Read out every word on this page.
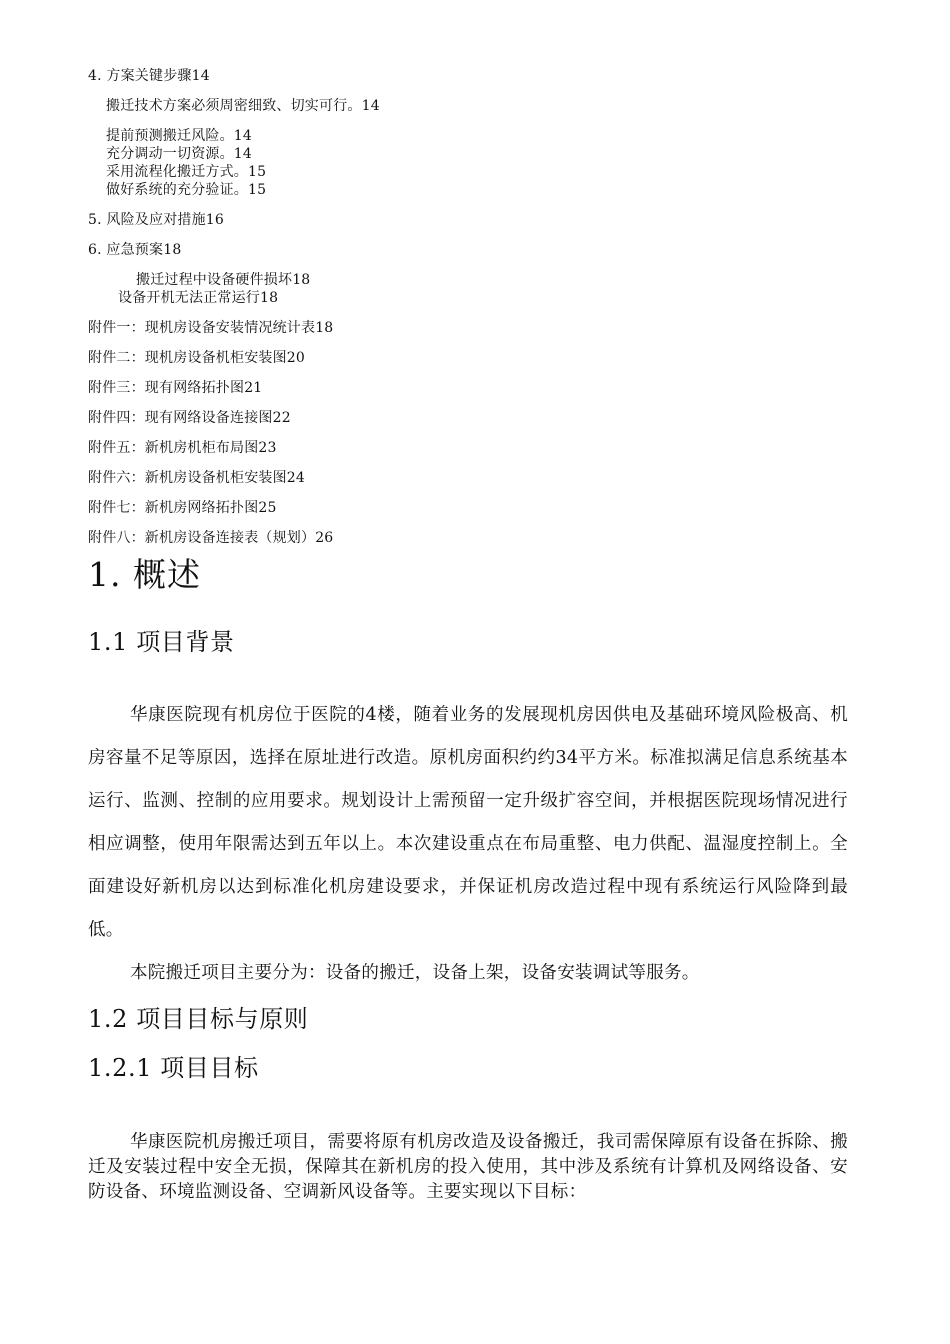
4. 方案关键步骤14
搬迁技术方案必须周密细致、切实可行。14
提前预测搬迁风险。14
充分调动一切资源。14
采用流程化搬迁方式。15
做好系统的充分验证。15
5. 风险及应对措施16
6. 应急预案18
搬迁过程中设备硬件损坏18
设备开机无法正常运行18
附件一：现机房设备安装情况统计表18
附件二：现机房设备机柜安装图20
附件三：现有网络拓扑图21
附件四：现有网络设备连接图22
附件五：新机房机柜布局图23
附件六：新机房设备机柜安装图24
附件七：新机房网络拓扑图25
附件八：新机房设备连接表（规划）26
1. 概述
1.1 项目背景

华康医院现有机房位于医院的4楼，随着业务的发展现机房因供电及基础环境风险极高、机房容量不足等原因，选择在原址进行改造。原机房面积约约34平方米。标准拟满足信息系统基本运行、监测、控制的应用要求。规划设计上需预留一定升级扩容空间，并根据医院现场情况进行相应调整，使用年限需达到五年以上。本次建设重点在布局重整、电力供配、温湿度控制上。全面建设好新机房以达到标准化机房建设要求，并保证机房改造过程中现有系统运行风险降到最低。

本院搬迁项目主要分为：设备的搬迁，设备上架，设备安装调试等服务。

1.2 项目目标与原则
1.2.1 项目目标

华康医院机房搬迁项目，需要将原有机房改造及设备搬迁，我司需保障原有设备在拆除、搬迁及安装过程中安全无损，保障其在新机房的投入使用，其中涉及系统有计算机及网络设备、安防设备、环境监测设备、空调新风设备等。主要实现以下目标：
